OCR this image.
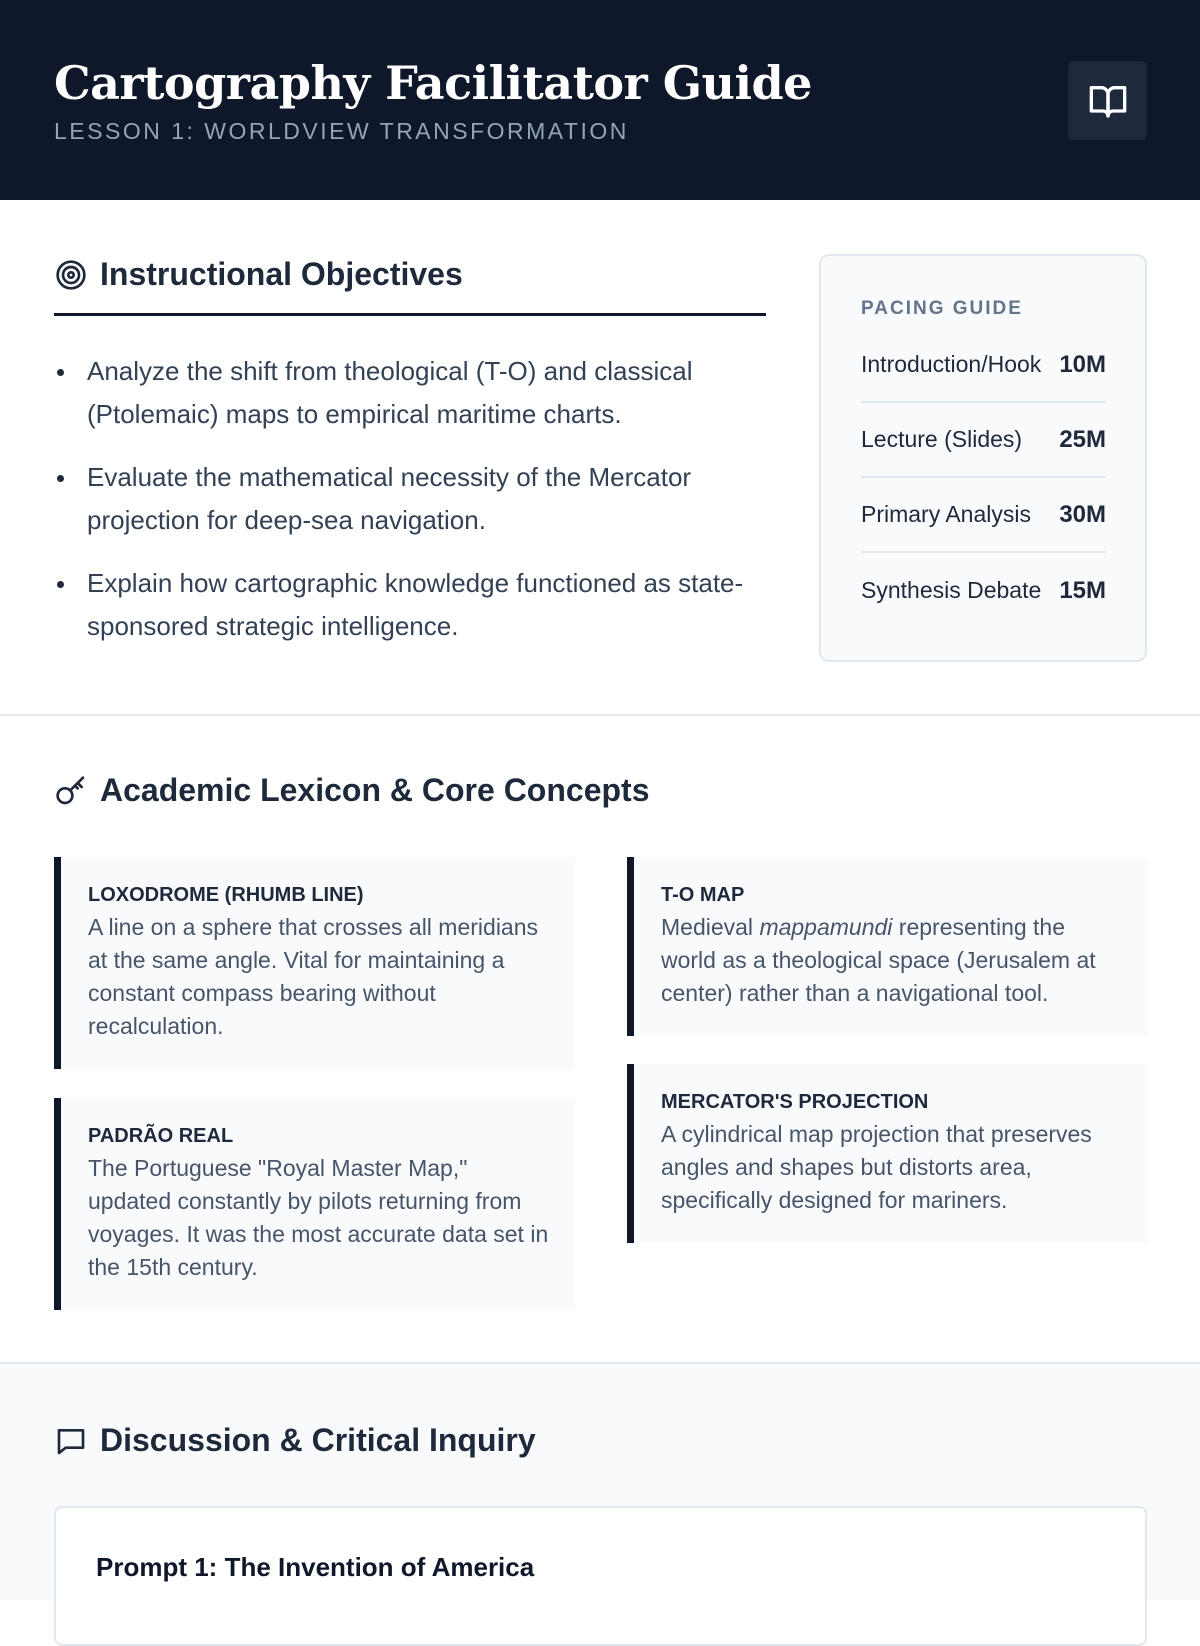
Cartography Facilitator Guide
LESSON 1: WORLDVIEW TRANSFORMATION
Instructional Objectives
Analyze the shift from theological (T-O) and classical (Ptolemaic) maps to empirical maritime charts.
Evaluate the mathematical necessity of the Mercator projection for deep-sea navigation.
Explain how cartographic knowledge functioned as state-sponsored strategic intelligence.
PACING GUIDE
Introduction/Hook 10M
Lecture (Slides) 25M
Primary Analysis 30M
Synthesis Debate 15M
Academic Lexicon & Core Concepts
LOXODROME (RHUMB LINE)

A line on a sphere that crosses all meridians at the same angle. Vital for maintaining a constant compass bearing without recalculation.

T-O MAP

Medieval mappamundi representing the world as a theological space (Jerusalem at center) rather than a navigational tool.

PADRÃO REAL

The Portuguese "Royal Master Map," updated constantly by pilots returning from voyages. It was the most accurate data set in the 15th century.

MERCATOR'S PROJECTION

A cylindrical map projection that preserves angles and shapes but distorts area, specifically designed for mariners.

Discussion & Critical Inquiry
Prompt 1: The Invention of America
